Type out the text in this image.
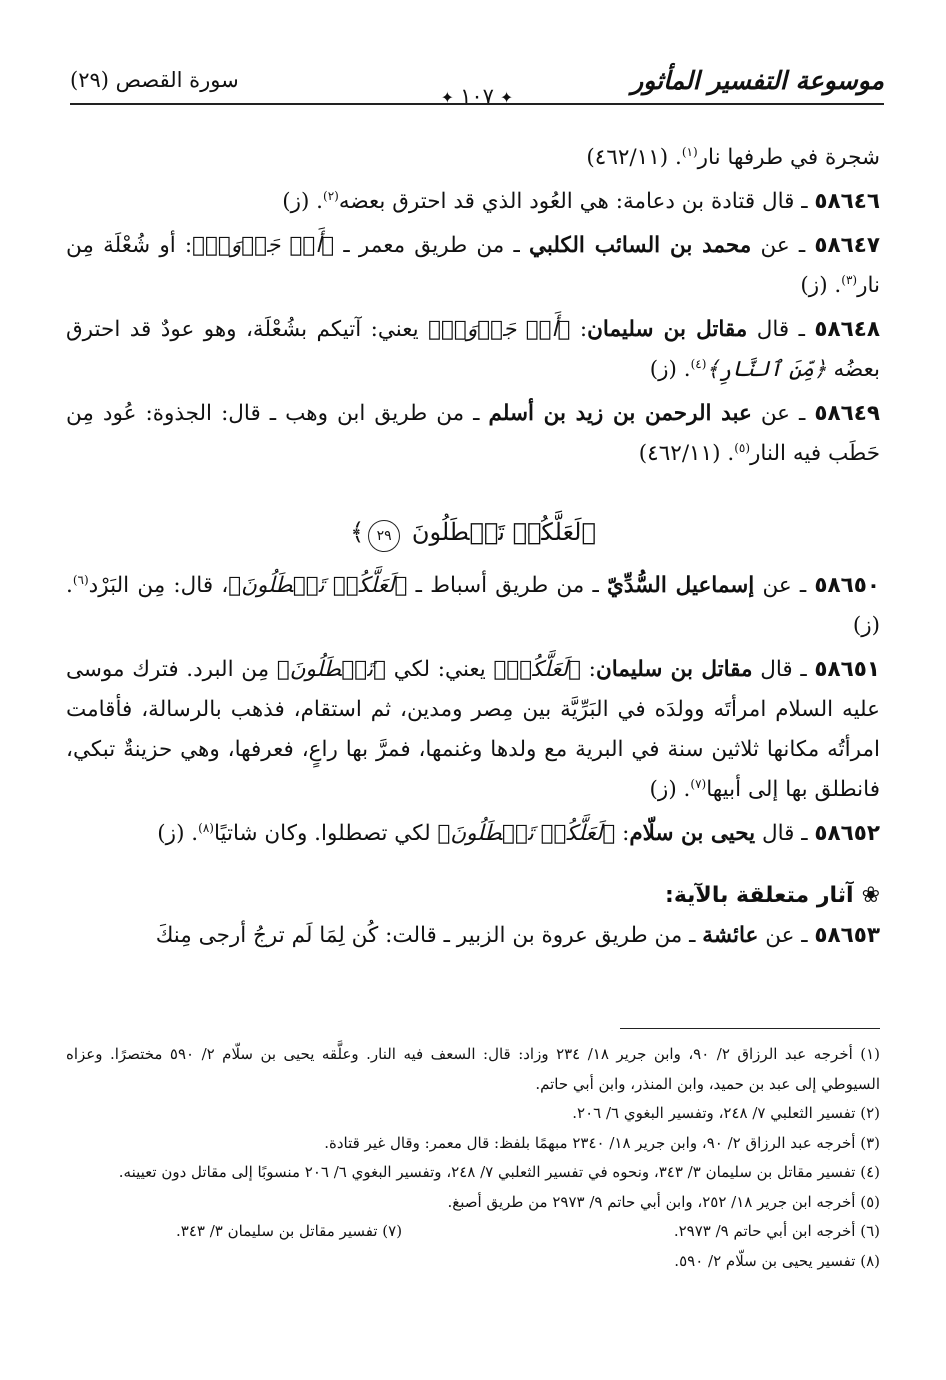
موسوعة التفسير المأثور
✦١٠٧✦
سورة القصص (٢٩)

شجرة في طرفها نار$^{(١)}$. (٤٦٢/١١)

٥٨٦٤٦ ـ قال قتادة بن دعامة: هي العُود الذي قد احترق بعضه$^{(٢)}$. (ز)

٥٨٦٤٧ ـ عن محمد بن السائب الكلبي ـ من طريق معمر ـ ﴿أَوۡ جَذۡوَةٖ﴾: أو شُعْلَة مِن نار$^{(٣)}$. (ز)

٥٨٦٤٨ ـ قال مقاتل بن سليمان: ﴿أَوۡ جَذۡوَةٖ﴾ يعني: آتيكم بشُعْلَة، وهو عودٌ قد احترق بعضُه ﴿مِّنَ ٱلنَّارِ﴾$^{(٤)}$. (ز)

٥٨٦٤٩ ـ عن عبد الرحمن بن زيد بن أسلم ـ من طريق ابن وهب ـ قال: الجذوة: عُود مِن حَطَب فيه النار$^{(٥)}$. (٤٦٢/١١)

﴿لَعَلَّكُمۡ تَصۡطَلُونَ ٢٩﴾

٥٨٦٥٠ ـ عن إسماعيل السُّدِّيّ ـ من طريق أسباط ـ ﴿لَعَلَّكُمۡ تَصۡطَلُونَ﴾، قال: مِن البَرْد$^{(٦)}$. (ز)

٥٨٦٥١ ـ قال مقاتل بن سليمان: ﴿لَعَلَّكُمۡ﴾ يعني: لكي ﴿تَصۡطَلُونَ﴾ مِن البرد. فترك موسى عليه السلام امرأتَه وولدَه في البَرِّيَّة بين مِصر ومدين، ثم استقام، فذهب بالرسالة، فأقامت امرأتُه مكانها ثلاثين سنة في البرية مع ولدها وغنمها، فمرَّ بها راعٍ، فعرفها، وهي حزينةٌ تبكي، فانطلق بها إلى أبيها$^{(٧)}$. (ز)

٥٨٦٥٢ ـ قال يحيى بن سلّام: ﴿لَعَلَّكُمۡ تَصۡطَلُونَ﴾ لكي تصطلوا. وكان شاتيًا$^{(٨)}$. (ز)

❀آثار متعلقة بالآية:

٥٨٦٥٣ ـ عن عائشة ـ من طريق عروة بن الزبير ـ قالت: كُن لِمَا لَم ترجُ أرجى مِنكَ

(١) أخرجه عبد الرزاق ٢/ ٩٠، وابن جرير ١٨/ ٢٣٤ وزاد: قال: السعف فيه النار. وعلَّقه يحيى بن سلّام ٢/ ٥٩٠ مختصرًا. وعزاه السيوطي إلى عبد بن حميد، وابن المنذر، وابن أبي حاتم.

(٢) تفسير الثعلبي ٧/ ٢٤٨، وتفسير البغوي ٦/ ٢٠٦.

(٣) أخرجه عبد الرزاق ٢/ ٩٠، وابن جرير ١٨/ ٢٣٤٠ مبهمًا بلفظ: قال معمر: وقال غير قتادة.

(٤) تفسير مقاتل بن سليمان ٣/ ٣٤٣، ونحوه في تفسير الثعلبي ٧/ ٢٤٨، وتفسير البغوي ٦/ ٢٠٦ منسوبًا إلى مقاتل دون تعيينه.

(٥) أخرجه ابن جرير ١٨/ ٢٥٢، وابن أبي حاتم ٩/ ٢٩٧٣ من طريق أصبغ.

(٦) أخرجه ابن أبي حاتم ٩/ ٢٩٧٣.
(٧) تفسير مقاتل بن سليمان ٣/ ٣٤٣.

(٨) تفسير يحيى بن سلّام ٢/ ٥٩٠.
